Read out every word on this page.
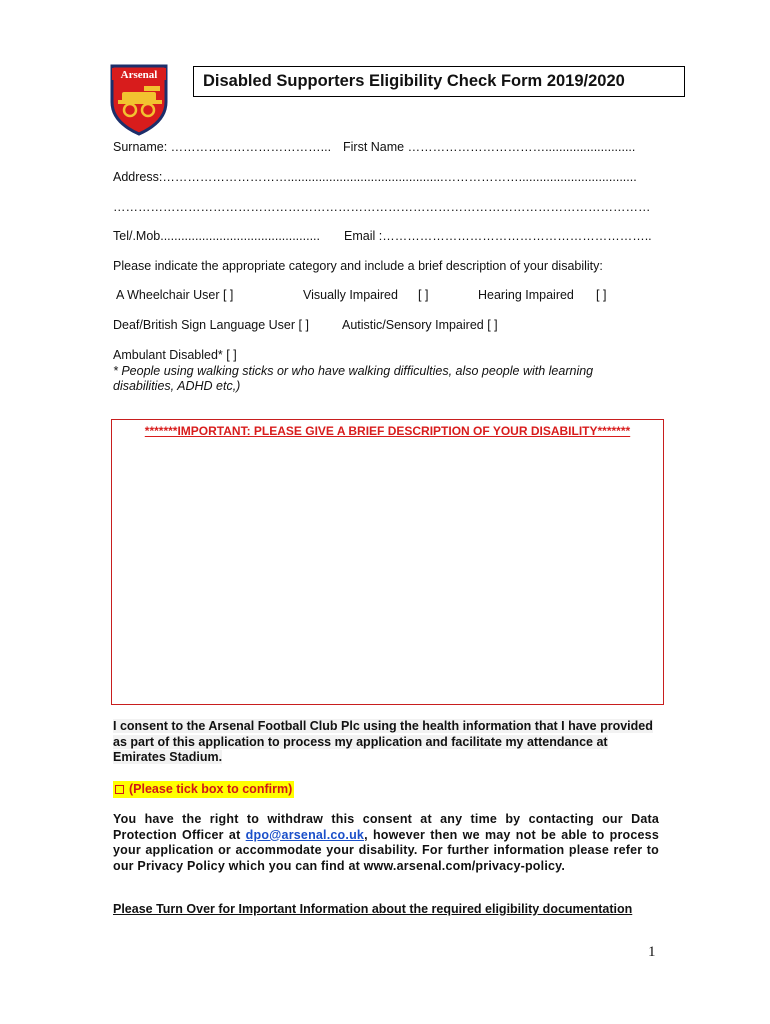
Arsenal	Disabled Supporters Eligibility Check Form 2019/2020
Surname: ………………………………... First Name ……………………………..........................
Address:………………………….............................................………………..................................
…………………………………………………………………………………………………………………
Tel/.Mob.............................................. Email :………………………………………………………..
Please indicate the appropriate category and include a brief description of your disability:
A Wheelchair User [ ]	Visually Impaired [ ]	Hearing Impaired [ ]
Deaf/British Sign Language User [ ]	Autistic/Sensory Impaired [ ]
Ambulant Disabled* [ ]
* People using walking sticks or who have walking difficulties, also people with learning
disabilities, ADHD etc,)
*******IMPORTANT: PLEASE GIVE A BRIEF DESCRIPTION OF YOUR DISABILITY*******
I consent to the Arsenal Football Club Plc using the health information that I have provided as part of this application to process my application and facilitate my attendance at Emirates Stadium.
(Please tick box to confirm)
You have the right to withdraw this consent at any time by contacting our Data Protection Officer at dpo@arsenal.co.uk, however then we may not be able to process your application or accommodate your disability. For further information please refer to our Privacy Policy which you can find at www.arsenal.com/privacy-policy.
Please Turn Over for Important Information about the required eligibility documentation
1
